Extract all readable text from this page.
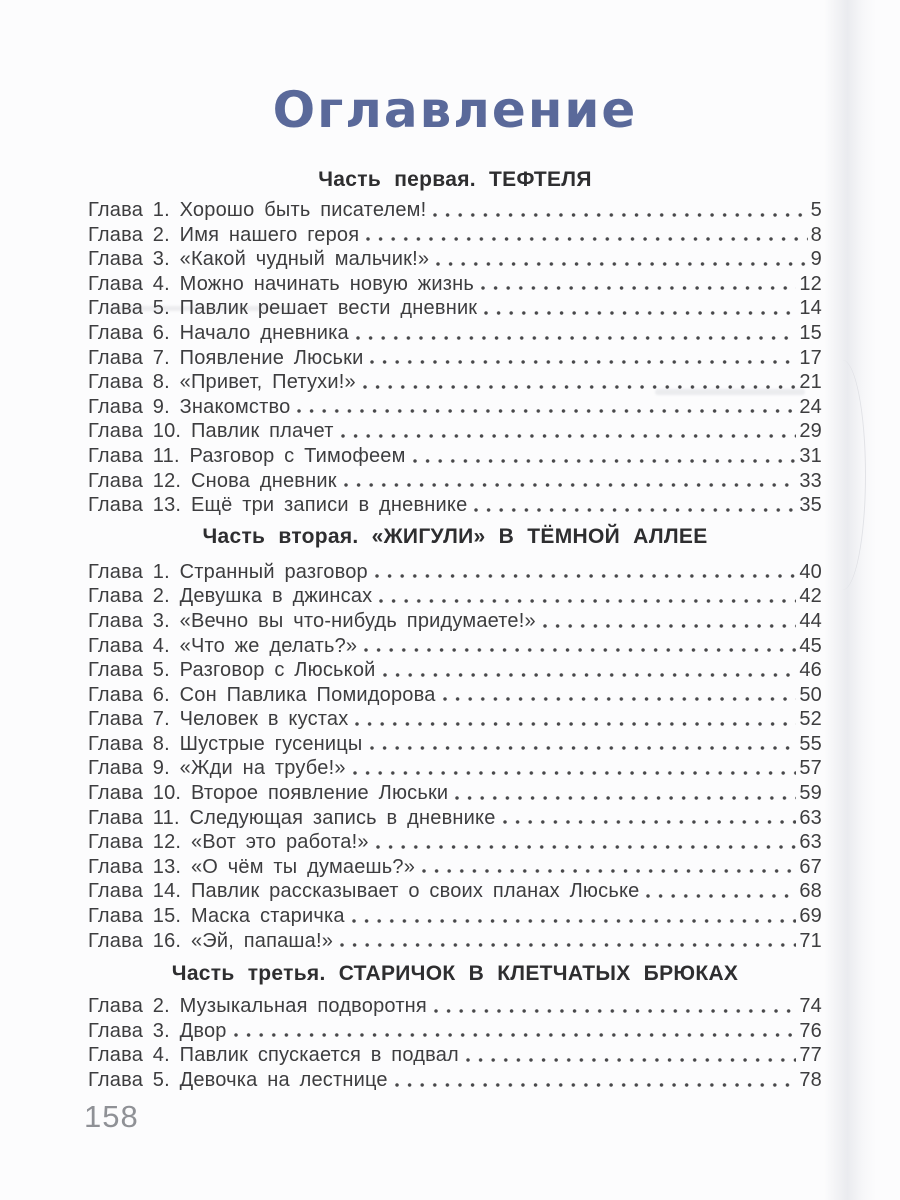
Оглавление
Часть первая. ТЕФТЕЛЯ
Глава 1. Хорошо быть писателем!	5
Глава 2. Имя нашего героя	8
Глава 3. «Какой чудный мальчик!»	9
Глава 4. Можно начинать новую жизнь	12
Глава 5. Павлик решает вести дневник	14
Глава 6. Начало дневника	15
Глава 7. Появление Люськи	17
Глава 8. «Привет, Петухи!»	21
Глава 9. Знакомство	24
Глава 10. Павлик плачет	29
Глава 11. Разговор с Тимофеем	31
Глава 12. Снова дневник	33
Глава 13. Ещё три записи в дневнике	35
Часть вторая. «ЖИГУЛИ» В ТЁМНОЙ АЛЛЕЕ
Глава 1. Странный разговор	40
Глава 2. Девушка в джинсах	42
Глава 3. «Вечно вы что-нибудь придумаете!»	44
Глава 4. «Что же делать?»	45
Глава 5. Разговор с Люськой	46
Глава 6. Сон Павлика Помидорова	50
Глава 7. Человек в кустах	52
Глава 8. Шустрые гусеницы	55
Глава 9. «Жди на трубе!»	57
Глава 10. Второе появление Люськи	59
Глава 11. Следующая запись в дневнике	63
Глава 12. «Вот это работа!»	63
Глава 13. «О чём ты думаешь?»	67
Глава 14. Павлик рассказывает о своих планах Люське	68
Глава 15. Маска старичка	69
Глава 16. «Эй, папаша!»	71
Часть третья. СТАРИЧОК В КЛЕТЧАТЫХ БРЮКАХ
Глава 2. Музыкальная подворотня	74
Глава 3. Двор	76
Глава 4. Павлик спускается в подвал	77
Глава 5. Девочка на лестнице	78
158
